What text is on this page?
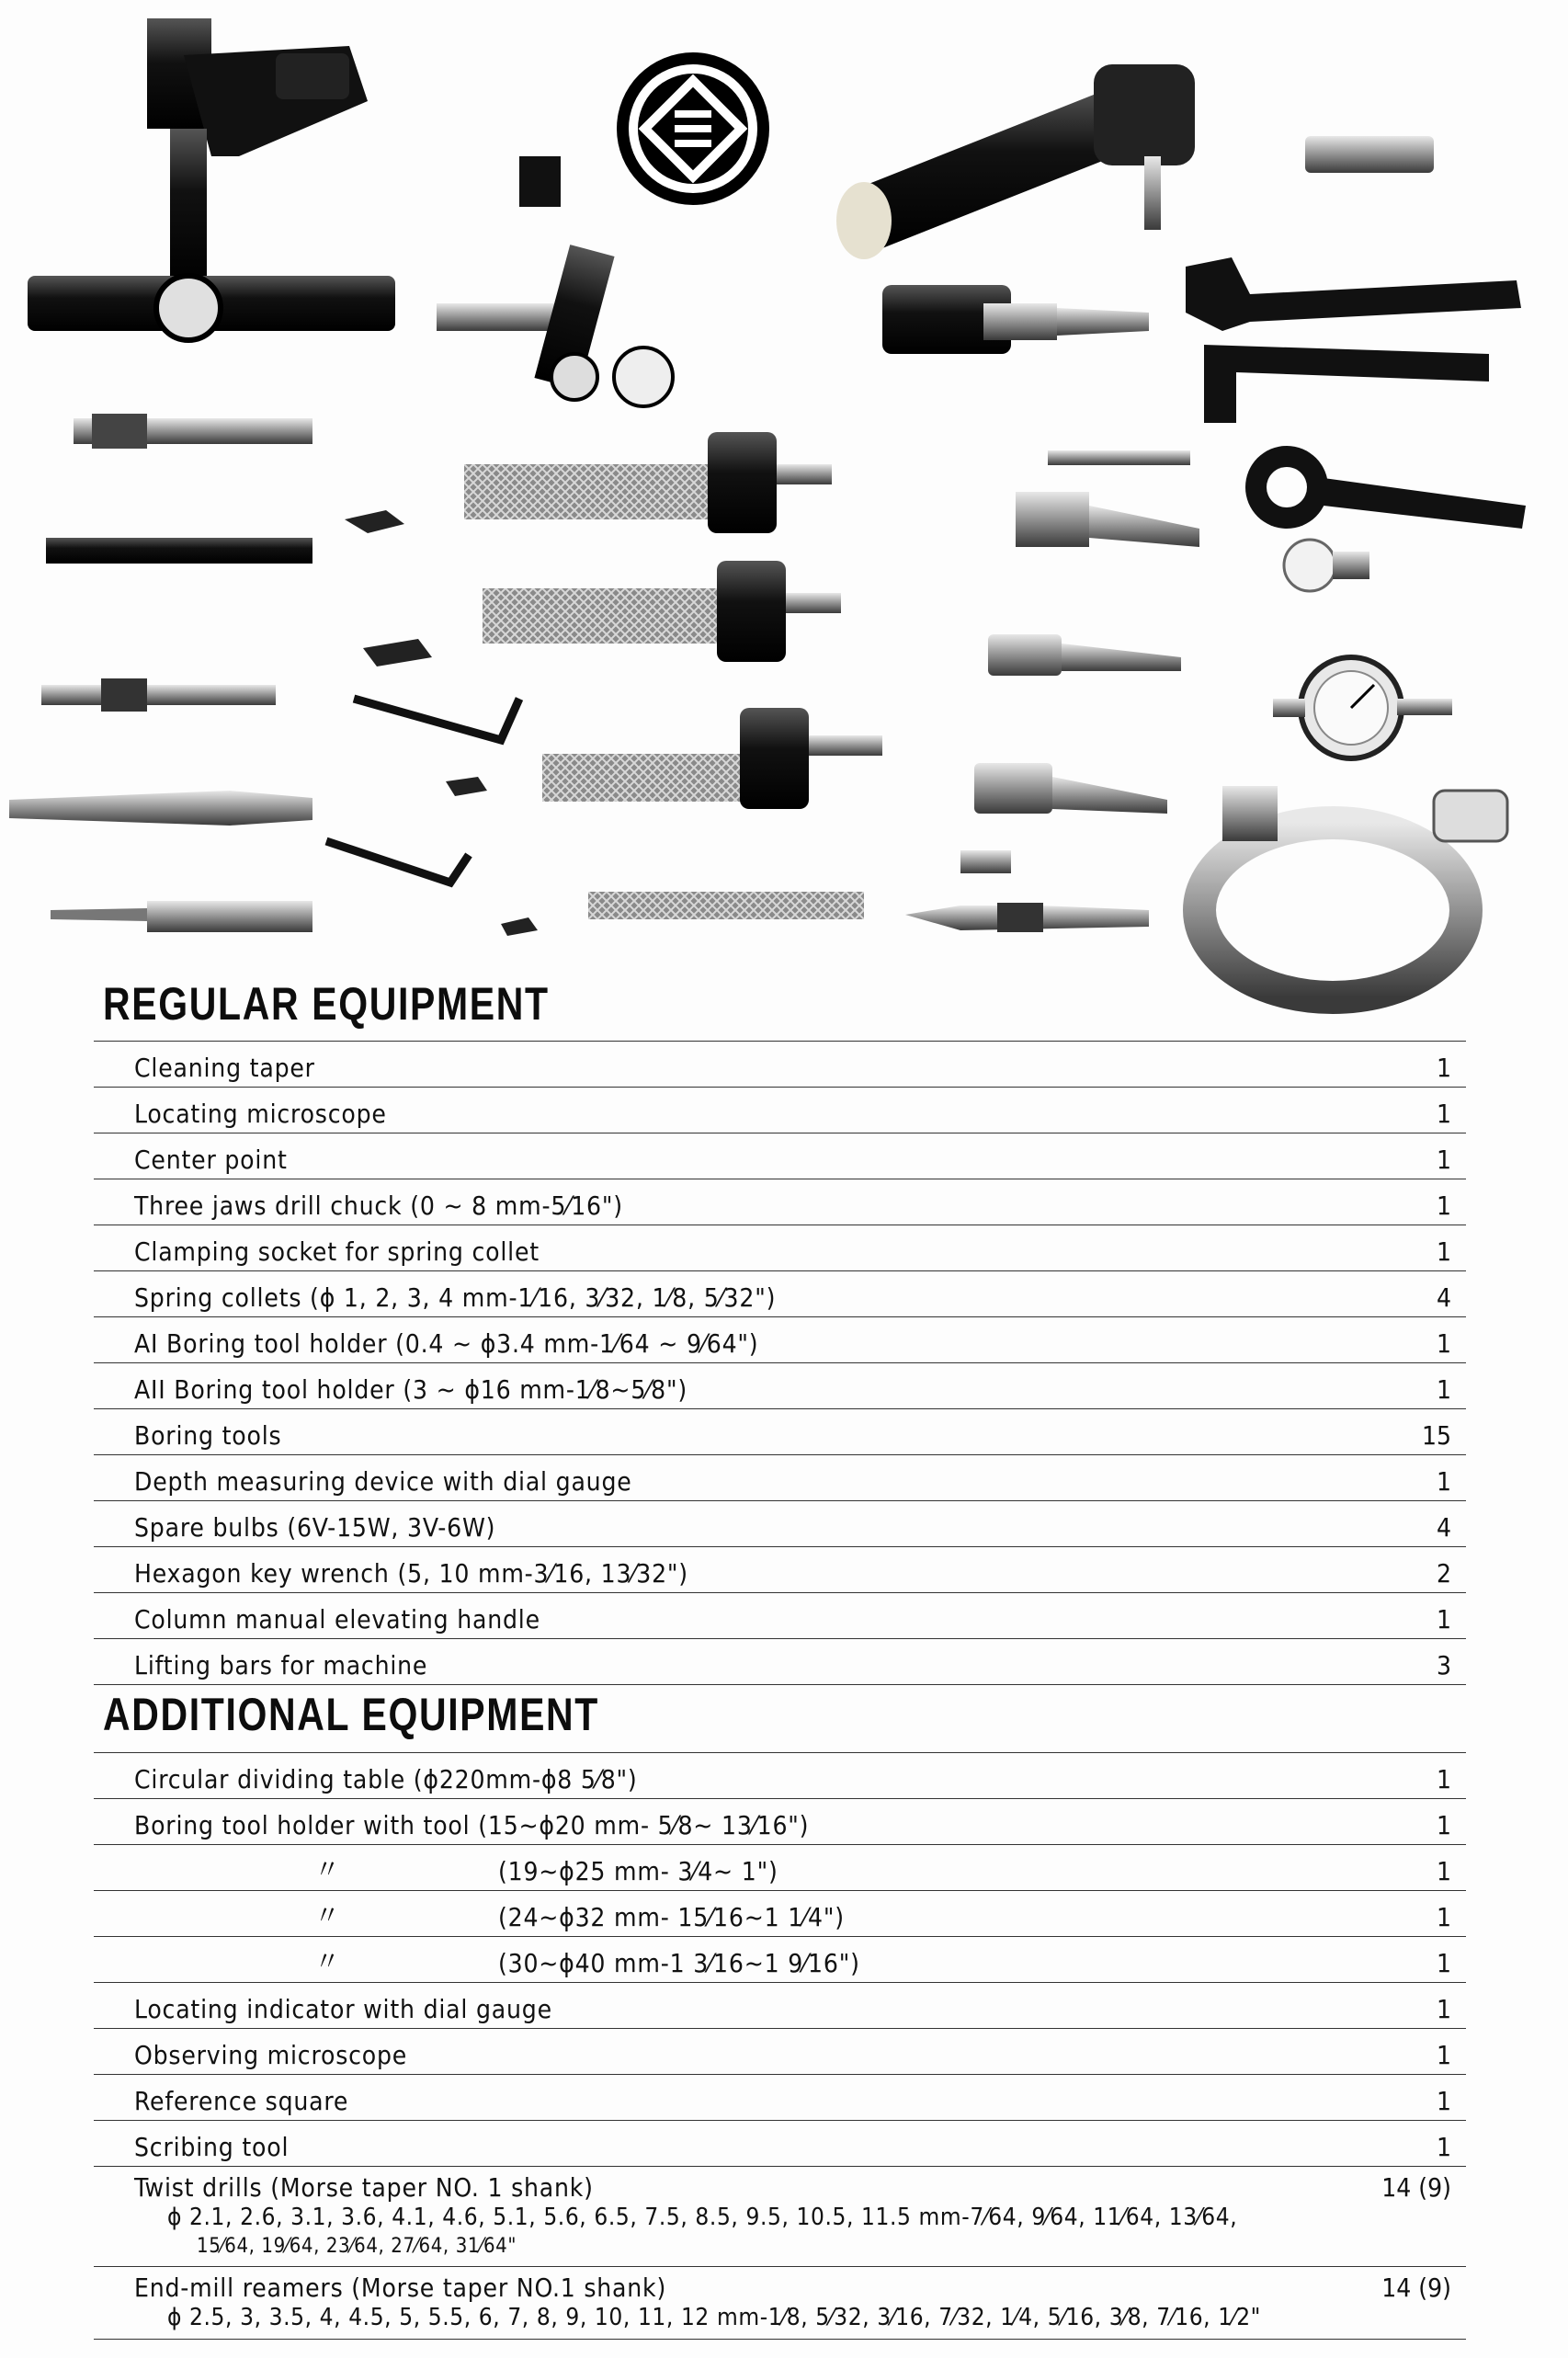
REGULAR EQUIPMENT
Cleaning taper	1
Locating microscope	1
Center point	1
Three jaws drill chuck (0 ~ 8 mm-5⁄16")	1
Clamping socket for spring collet	1
Spring collets (ϕ 1, 2, 3, 4 mm-1⁄16, 3⁄32, 1⁄8, 5⁄32")	4
AI Boring tool holder (0.4 ~ ϕ3.4 mm-1⁄64 ~ 9⁄64")	1
AII Boring tool holder (3 ~ ϕ16 mm-1⁄8~5⁄8")	1
Boring tools	15
Depth measuring device with dial gauge	1
Spare bulbs (6V-15W, 3V-6W)	4
Hexagon key wrench (5, 10 mm-3⁄16, 13⁄32")	2
Column manual elevating handle	1
Lifting bars for machine	3
ADDITIONAL EQUIPMENT
Circular dividing table (ϕ220mm-ϕ8 5⁄8")	1
Boring tool holder with tool (15~ϕ20 mm- 5⁄8~ 13⁄16")	1
〃	(19~ϕ25 mm- 3⁄4~ 1")	1
〃	(24~ϕ32 mm- 15⁄16~1 1⁄4")	1
〃	(30~ϕ40 mm-1 3⁄16~1 9⁄16")	1
Locating indicator with dial gauge	1
Observing microscope	1
Reference square	1
Scribing tool	1
Twist drills (Morse taper NO. 1 shank)	14 (9)
ϕ 2.1, 2.6, 3.1, 3.6, 4.1, 4.6, 5.1, 5.6, 6.5, 7.5, 8.5, 9.5, 10.5, 11.5 mm-7⁄64, 9⁄64, 11⁄64, 13⁄64,
15⁄64, 19⁄64, 23⁄64, 27⁄64, 31⁄64"
End-mill reamers (Morse taper NO.1 shank)	14 (9)
ϕ 2.5, 3, 3.5, 4, 4.5, 5, 5.5, 6, 7, 8, 9, 10, 11, 12 mm-1⁄8, 5⁄32, 3⁄16, 7⁄32, 1⁄4, 5⁄16, 3⁄8, 7⁄16, 1⁄2"
